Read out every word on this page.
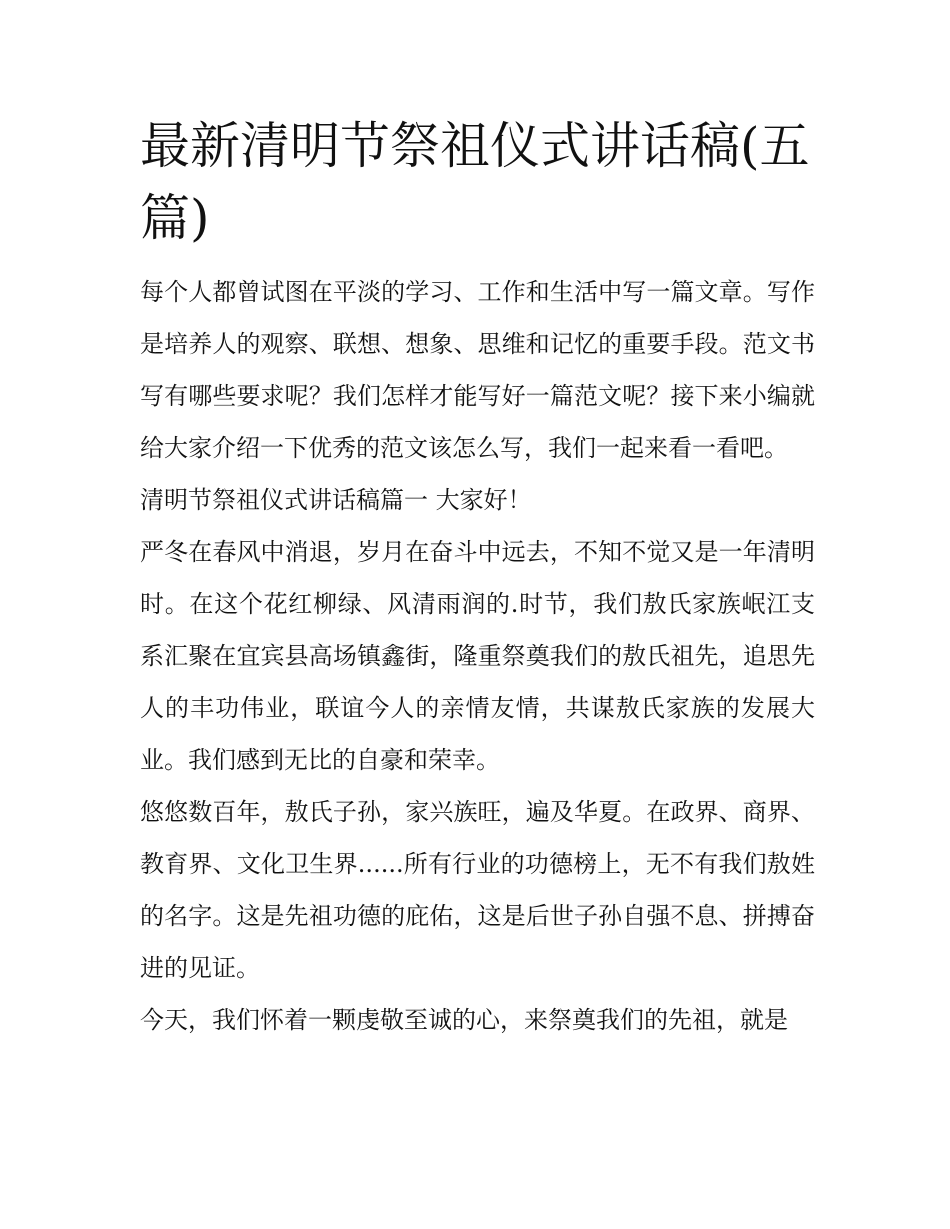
最新清明节祭祖仪式讲话稿(五篇)

每个人都曾试图在平淡的学习、工作和生活中写一篇文章。写作是培养人的观察、联想、想象、思维和记忆的重要手段。范文书写有哪些要求呢？我们怎样才能写好一篇范文呢？接下来小编就给大家介绍一下优秀的范文该怎么写，我们一起来看一看吧。

清明节祭祖仪式讲话稿篇一 大家好！

严冬在春风中消退，岁月在奋斗中远去，不知不觉又是一年清明时。在这个花红柳绿、风清雨润的.时节，我们敖氏家族岷江支系汇聚在宜宾县高场镇鑫街，隆重祭奠我们的敖氏祖先，追思先人的丰功伟业，联谊今人的亲情友情，共谋敖氏家族的发展大业。我们感到无比的自豪和荣幸。

悠悠数百年，敖氏子孙，家兴族旺，遍及华夏。在政界、商界、教育界、文化卫生界......所有行业的功德榜上，无不有我们敖姓的名字。这是先祖功德的庇佑，这是后世子孙自强不息、拼搏奋进的见证。

今天，我们怀着一颗虔敬至诚的心，来祭奠我们的先祖，就是
